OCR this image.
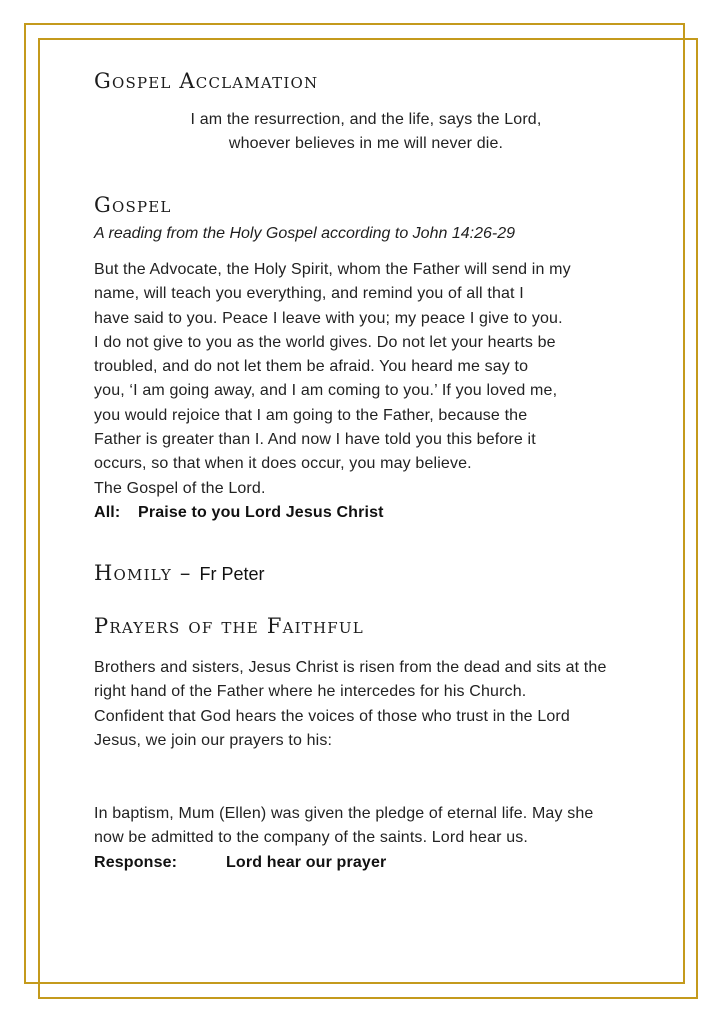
Gospel Acclamation
I am the resurrection, and the life, says the Lord,
whoever believes in me will never die.
Gospel

A reading from the Holy Gospel according to John 14:26-29

But the Advocate, the Holy Spirit, whom the Father will send in my
name, will teach you everything, and remind you of all that I
have said to you. Peace I leave with you; my peace I give to you.
I do not give to you as the world gives. Do not let your hearts be
troubled, and do not let them be afraid. You heard me say to
you, ‘I am going away, and I am coming to you.’ If you loved me,
you would rejoice that I am going to the Father, because the
Father is greater than I. And now I have told you this before it
occurs, so that when it does occur, you may believe.
The Gospel of the Lord.
All: Praise to you Lord Jesus Christ
Homily – Fr Peter
Prayers of the Faithful
Brothers and sisters, Jesus Christ is risen from the dead and sits at the
right hand of the Father where he intercedes for his Church.
Confident that God hears the voices of those who trust in the Lord
Jesus, we join our prayers to his:
In baptism, Mum (Ellen) was given the pledge of eternal life. May she
now be admitted to the company of the saints. Lord hear us.
Response:	Lord hear our prayer
